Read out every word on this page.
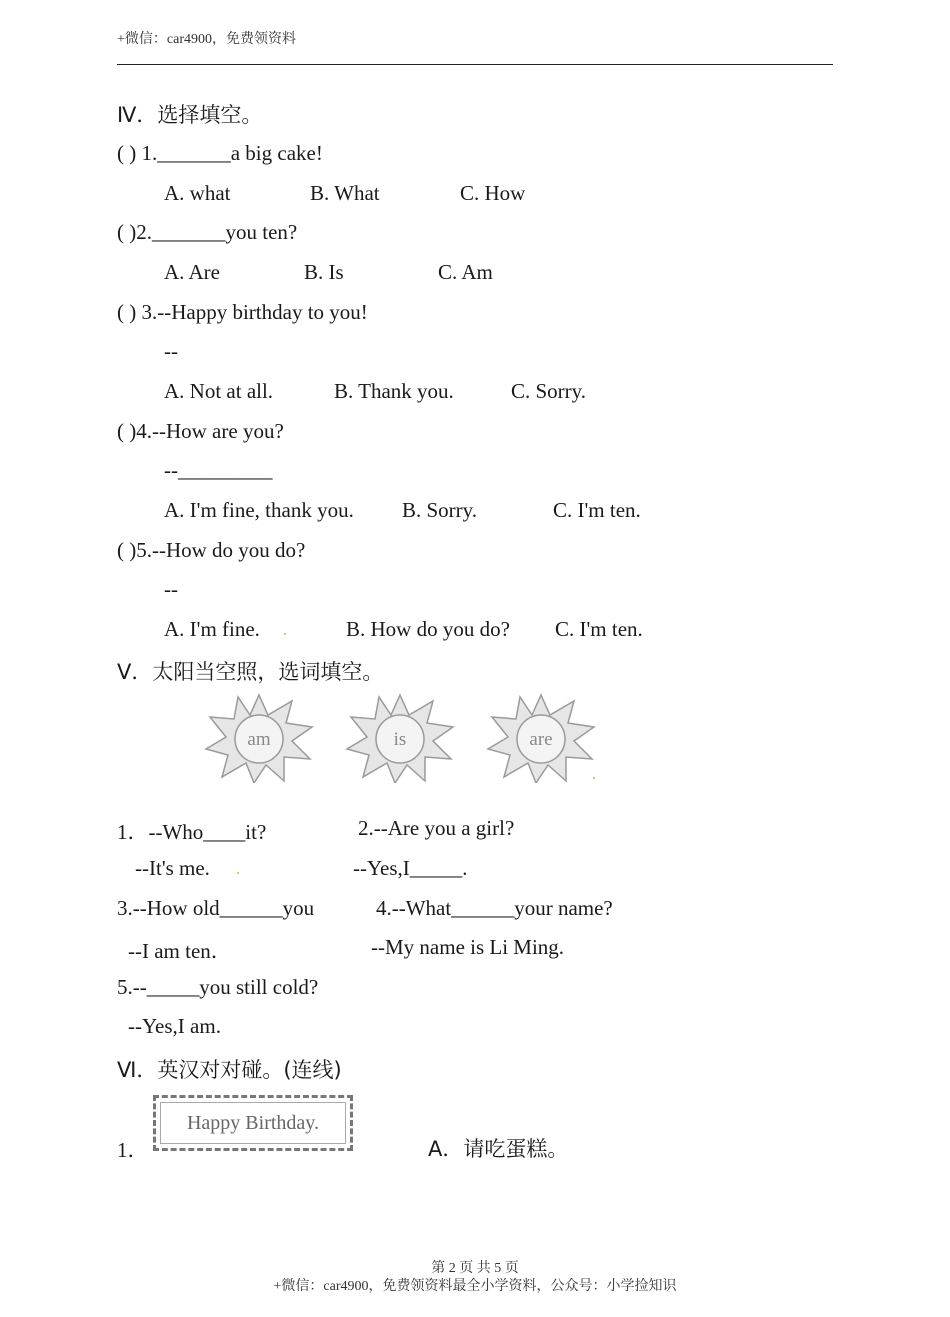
+微信：car4900，免费领资料
Ⅳ．选择填空。
( ) 1._______a big cake!
A. what	B. What	C. How
( )2._______you ten?
A. Are	B. Is	C. Am
( ) 3.--Happy birthday to you!
--
A. Not at all.	B. Thank you.	C. Sorry.
( )4.--How are you?
--_________
A. I'm fine, thank you. B. Sorry.	C. I'm ten.
( )5.--How do you do?
--
A. I'm fine. .	B. How do you do? C. I'm ten.
V．太阳当空照，选词填空。
am	is	are
.
1．--Who____it?	2.--Are you a girl?
--It's me. .	--Yes,I_____.
3.--How old______you	4.--What______your name?
--I am ten．	--My name is Li Ming.
5.--_____you still cold?
--Yes,I am.
Ⅵ．英汉对对碰。(连线)
1．
Happy Birthday.
A．请吃蛋糕。
第 2 页 共 5 页
+微信：car4900，免费领资料最全小学资料，公众号：小学捡知识
